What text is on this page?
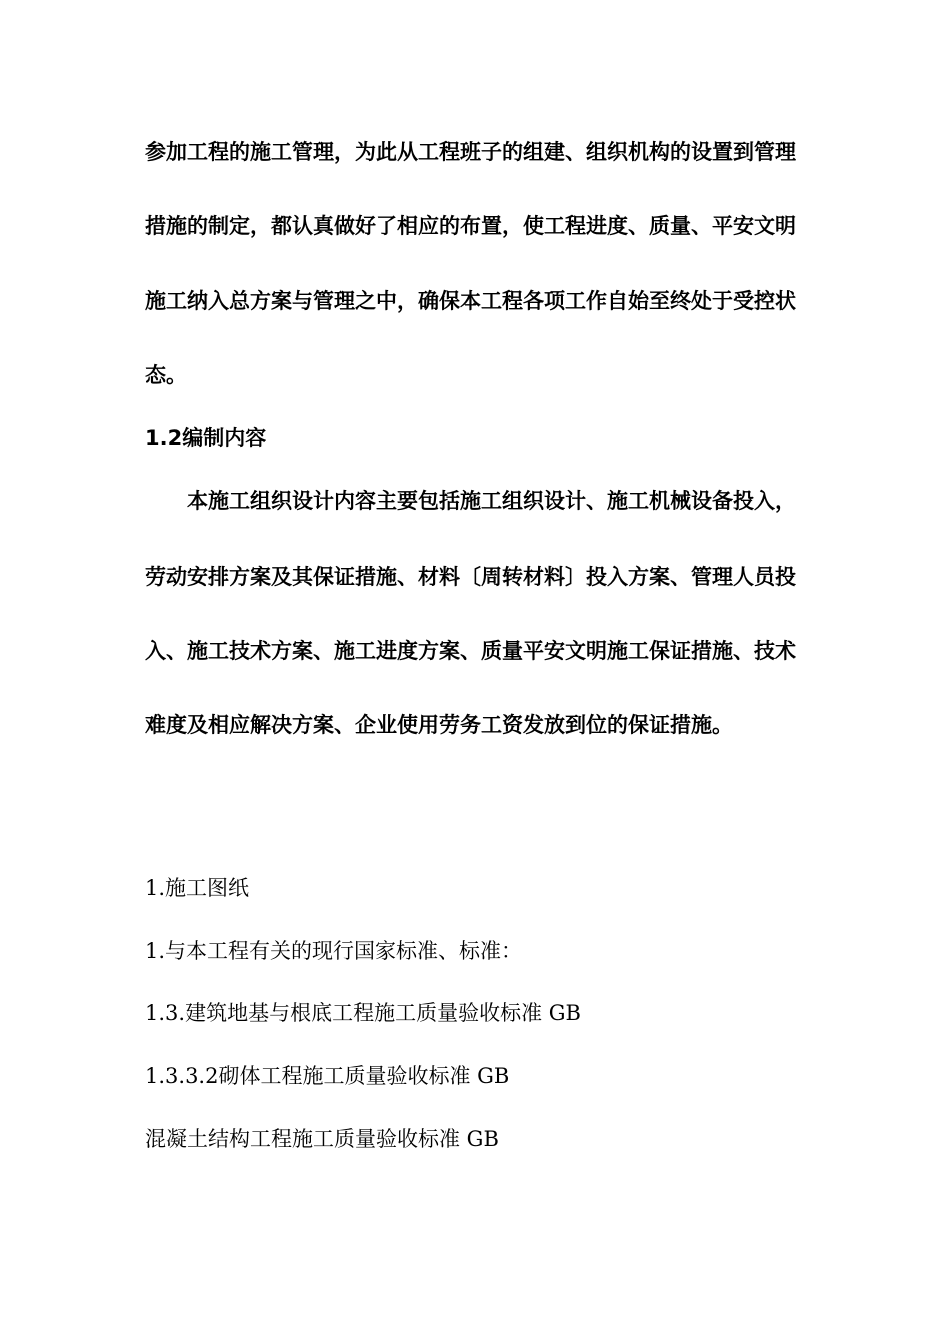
参加工程的施工管理，为此从工程班子的组建、组织机构的设置到管理
措施的制定，都认真做好了相应的布置，使工程进度、质量、平安文明
施工纳入总方案与管理之中，确保本工程各项工作自始至终处于受控状
态。
1.2编制内容
本施工组织设计内容主要包括施工组织设计、施工机械设备投入，
劳动安排方案及其保证措施、材料〔周转材料〕投入方案、管理人员投
入、施工技术方案、施工进度方案、质量平安文明施工保证措施、技术
难度及相应解决方案、企业使用劳务工资发放到位的保证措施。
1.施工图纸
1.与本工程有关的现行国家标准、标准：
1.3.建筑地基与根底工程施工质量验收标准 GB
1.3.3.2砌体工程施工质量验收标准 GB
混凝土结构工程施工质量验收标准 GB
